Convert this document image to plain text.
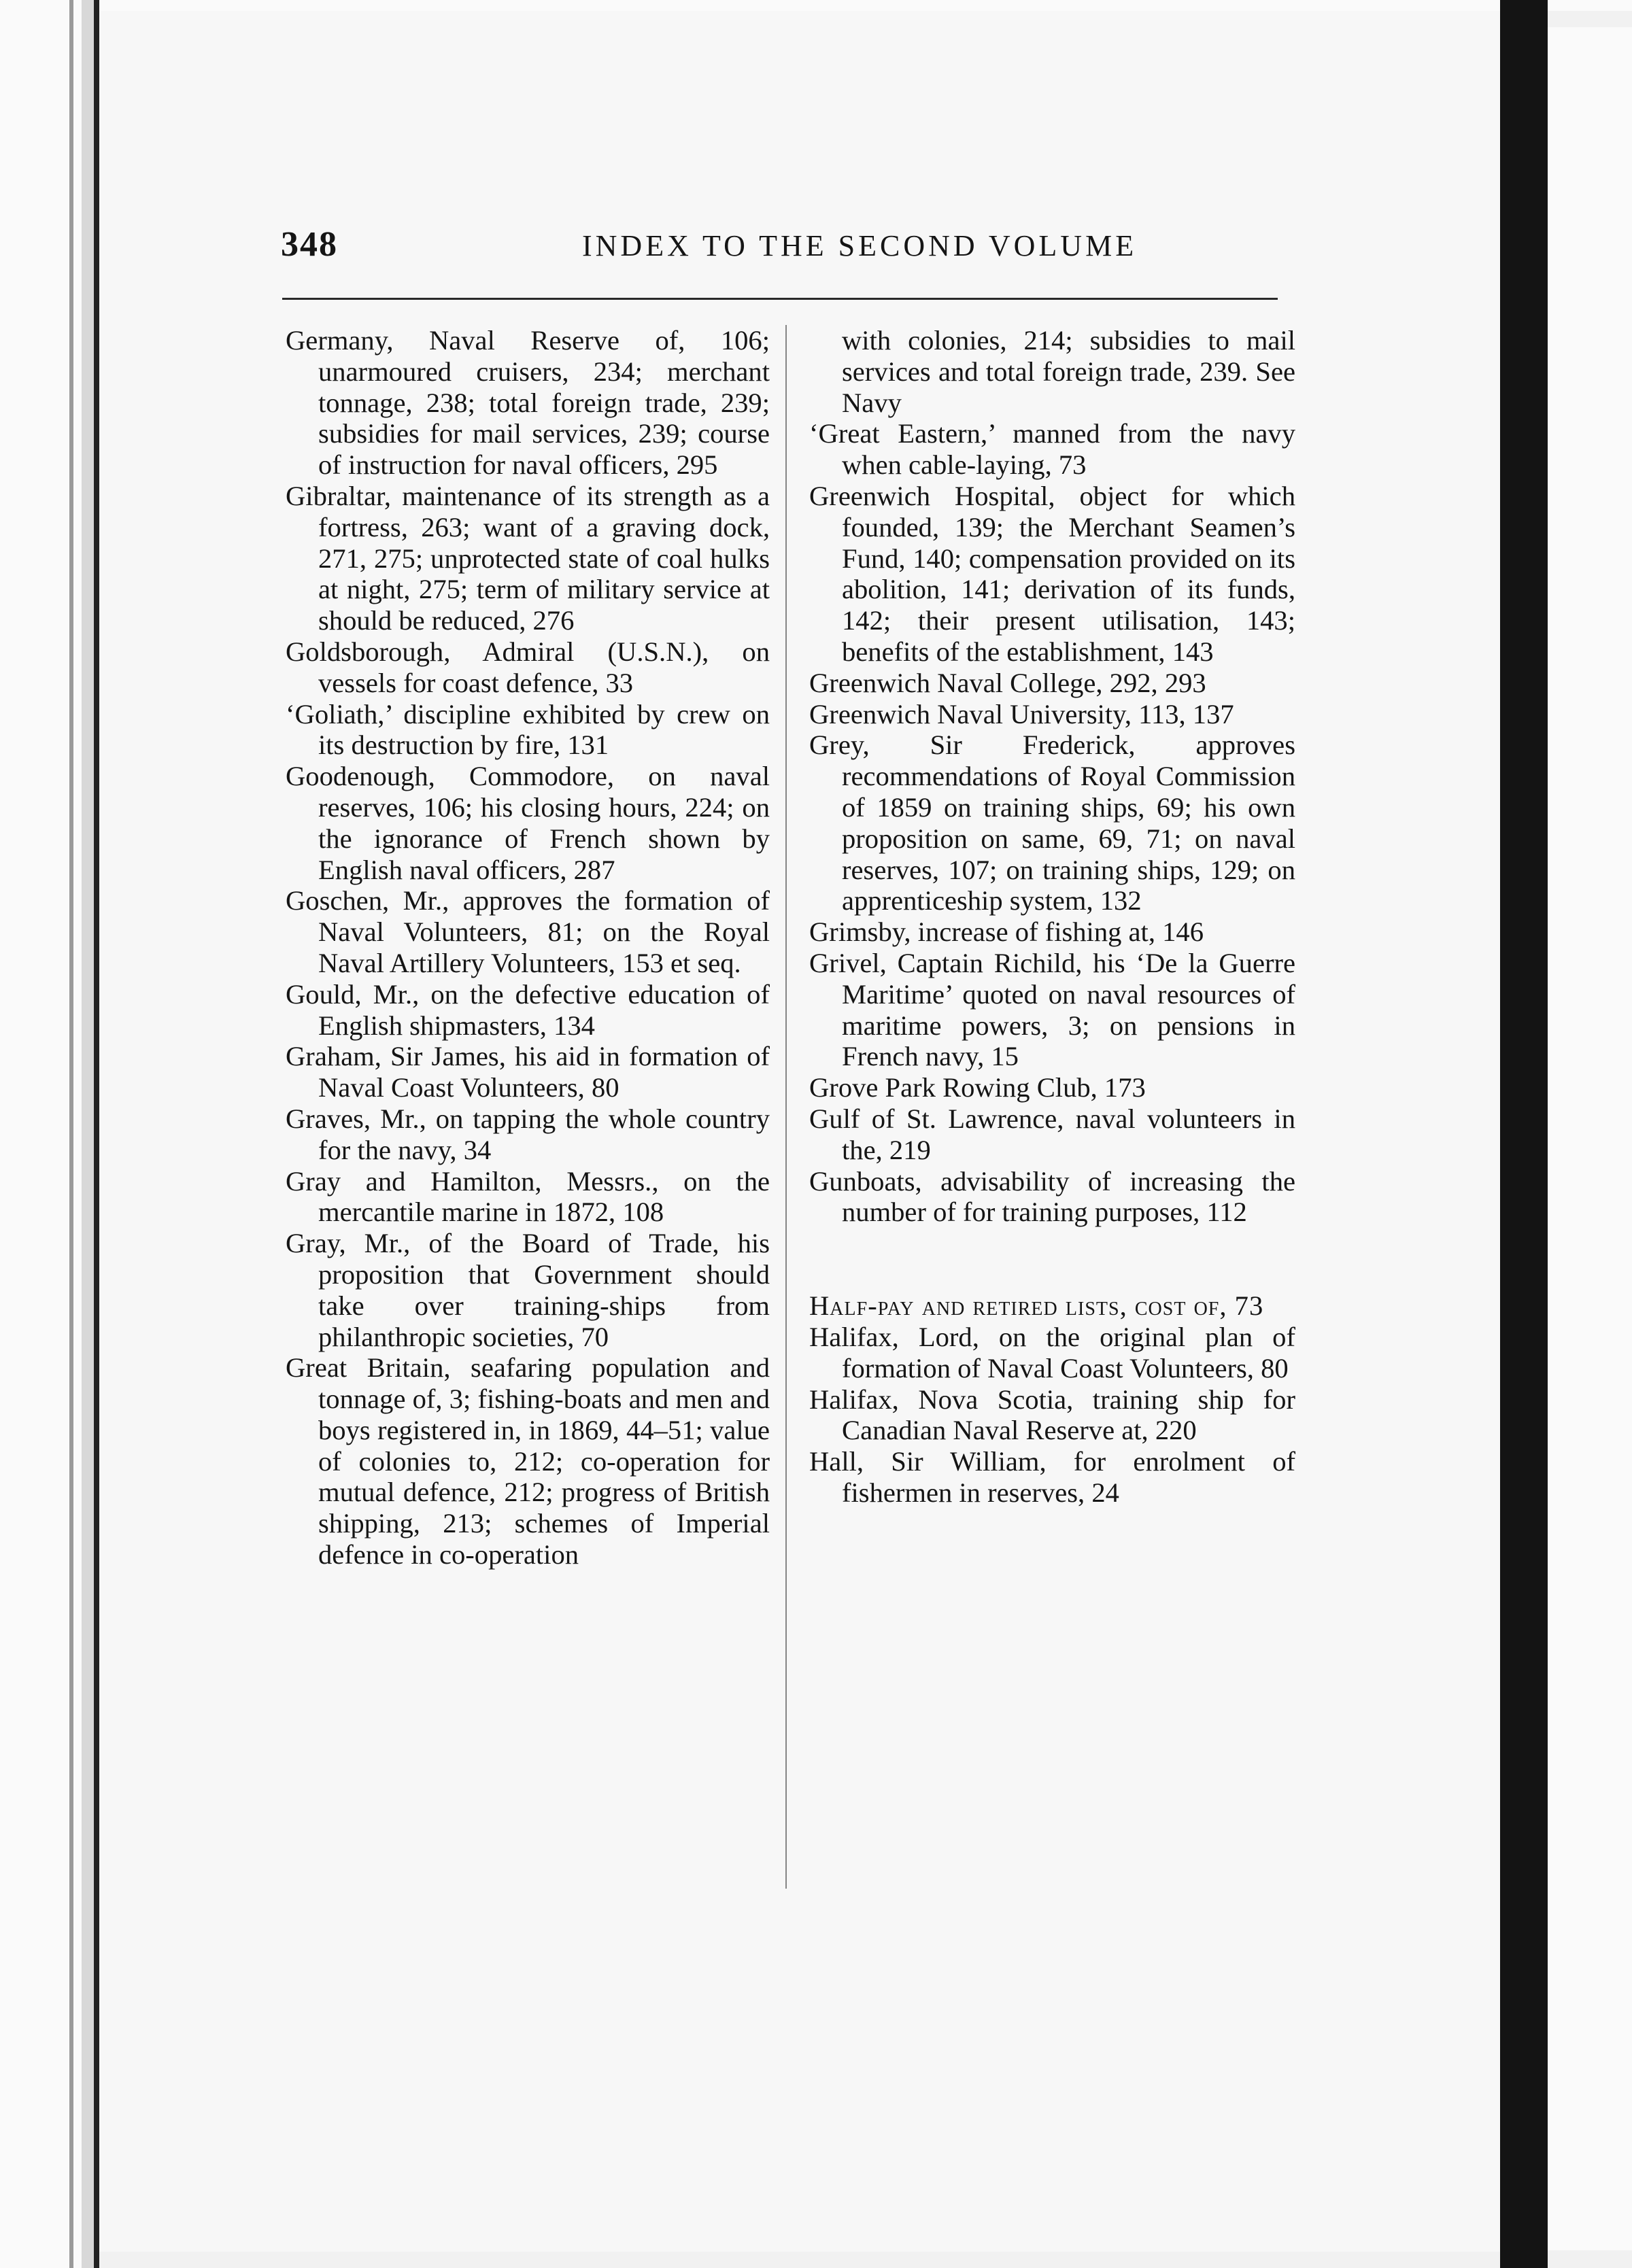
348	INDEX TO THE SECOND VOLUME
Germany, Naval Reserve of, 106; unarmoured cruisers, 234; merchant tonnage, 238; total foreign trade, 239; subsidies for mail services, 239; course of instruction for naval officers, 295
Gibraltar, maintenance of its strength as a fortress, 263; want of a graving dock, 271, 275; unprotected state of coal hulks at night, 275; term of military service at should be reduced, 276
Goldsborough, Admiral (U.S.N.), on vessels for coast defence, 33
‘Goliath,’ discipline exhibited by crew on its destruction by fire, 131
Goodenough, Commodore, on naval reserves, 106; his closing hours, 224; on the ignorance of French shown by English naval officers, 287
Goschen, Mr., approves the formation of Naval Volunteers, 81; on the Royal Naval Artillery Volunteers, 153 et seq.
Gould, Mr., on the defective education of English shipmasters, 134
Graham, Sir James, his aid in formation of Naval Coast Volunteers, 80
Graves, Mr., on tapping the whole country for the navy, 34
Gray and Hamilton, Messrs., on the mercantile marine in 1872, 108
Gray, Mr., of the Board of Trade, his proposition that Government should take over training-ships from philanthropic societies, 70
Great Britain, seafaring population and tonnage of, 3; fishing-boats and men and boys registered in, in 1869, 44–51; value of colonies to, 212; co-operation for mutual defence, 212; progress of British shipping, 213; schemes of Imperial defence in co-operation
with colonies, 214; subsidies to mail services and total foreign trade, 239. See Navy
‘Great Eastern,’ manned from the navy when cable-laying, 73
Greenwich Hospital, object for which founded, 139; the Merchant Seamen’s Fund, 140; compensation provided on its abolition, 141; derivation of its funds, 142; their present utilisation, 143; benefits of the establishment, 143
Greenwich Naval College, 292, 293
Greenwich Naval University, 113, 137
Grey, Sir Frederick, approves recommendations of Royal Commission of 1859 on training ships, 69; his own proposition on same, 69, 71; on naval reserves, 107; on training ships, 129; on apprenticeship system, 132
Grimsby, increase of fishing at, 146
Grivel, Captain Richild, his ‘De la Guerre Maritime’ quoted on naval resources of maritime powers, 3; on pensions in French navy, 15
Grove Park Rowing Club, 173
Gulf of St. Lawrence, naval volunteers in the, 219
Gunboats, advisability of increasing the number of for training purposes, 112
Half-pay and retired lists, cost of, 73
Halifax, Lord, on the original plan of formation of Naval Coast Volunteers, 80
Halifax, Nova Scotia, training ship for Canadian Naval Reserve at, 220
Hall, Sir William, for enrolment of fishermen in reserves, 24
